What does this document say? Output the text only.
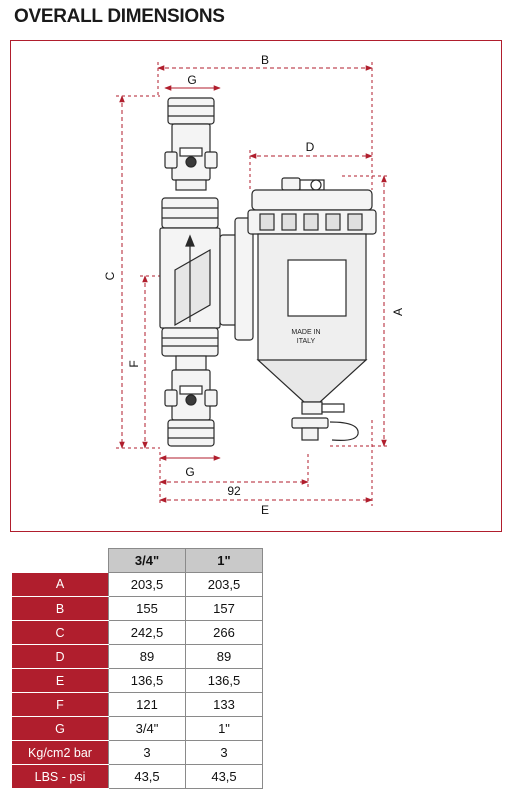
OVERALL DIMENSIONS
B
G
D
C
F
A
G
92
E
MADE IN
ITALY
	3/4"	1"
A	203,5	203,5
B	155	157
C	242,5	266
D	89	89
E	136,5	136,5
F	121	133
G	3/4"	1"
Kg/cm2 bar	3	3
LBS - psi	43,5	43,5
